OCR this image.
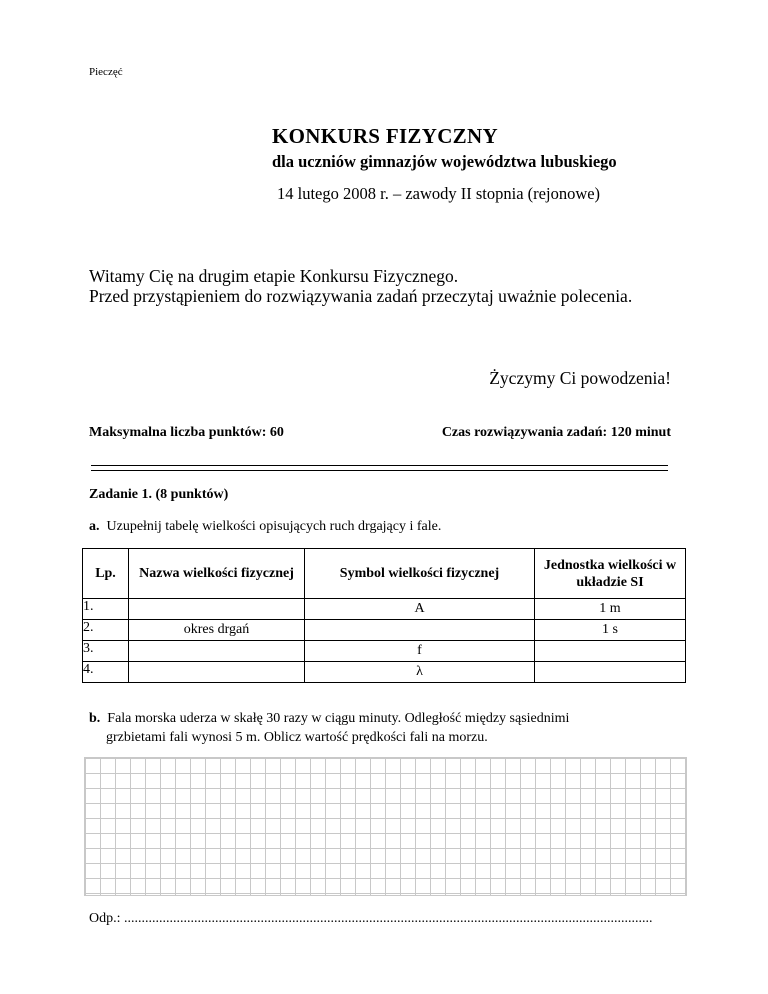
Pieczęć
KONKURS FIZYCZNY
dla uczniów gimnazjów województwa lubuskiego
14 lutego 2008 r. – zawody II stopnia (rejonowe)
Witamy Cię na drugim etapie Konkursu Fizycznego.
Przed przystąpieniem do rozwiązywania zadań przeczytaj uważnie polecenia.
Życzymy Ci powodzenia!
Maksymalna liczba punktów: 60	Czas rozwiązywania zadań: 120 minut
Zadanie 1. (8 punktów)
a. Uzupełnij tabelę wielkości opisujących ruch drgający i fale.
Lp.	Nazwa wielkości fizycznej	Symbol wielkości fizycznej	Jednostka wielkości w układzie SI
1.		A	1 m
2.	okres drgań		1 s
3.		f	
4.		λ	
b. Fala morska uderza w skałę 30 razy w ciągu minuty. Odległość między sąsiednimi
grzbietami fali wynosi 5 m. Oblicz wartość prędkości fali na morzu.
Odp.: .......................................................................................................................................................
